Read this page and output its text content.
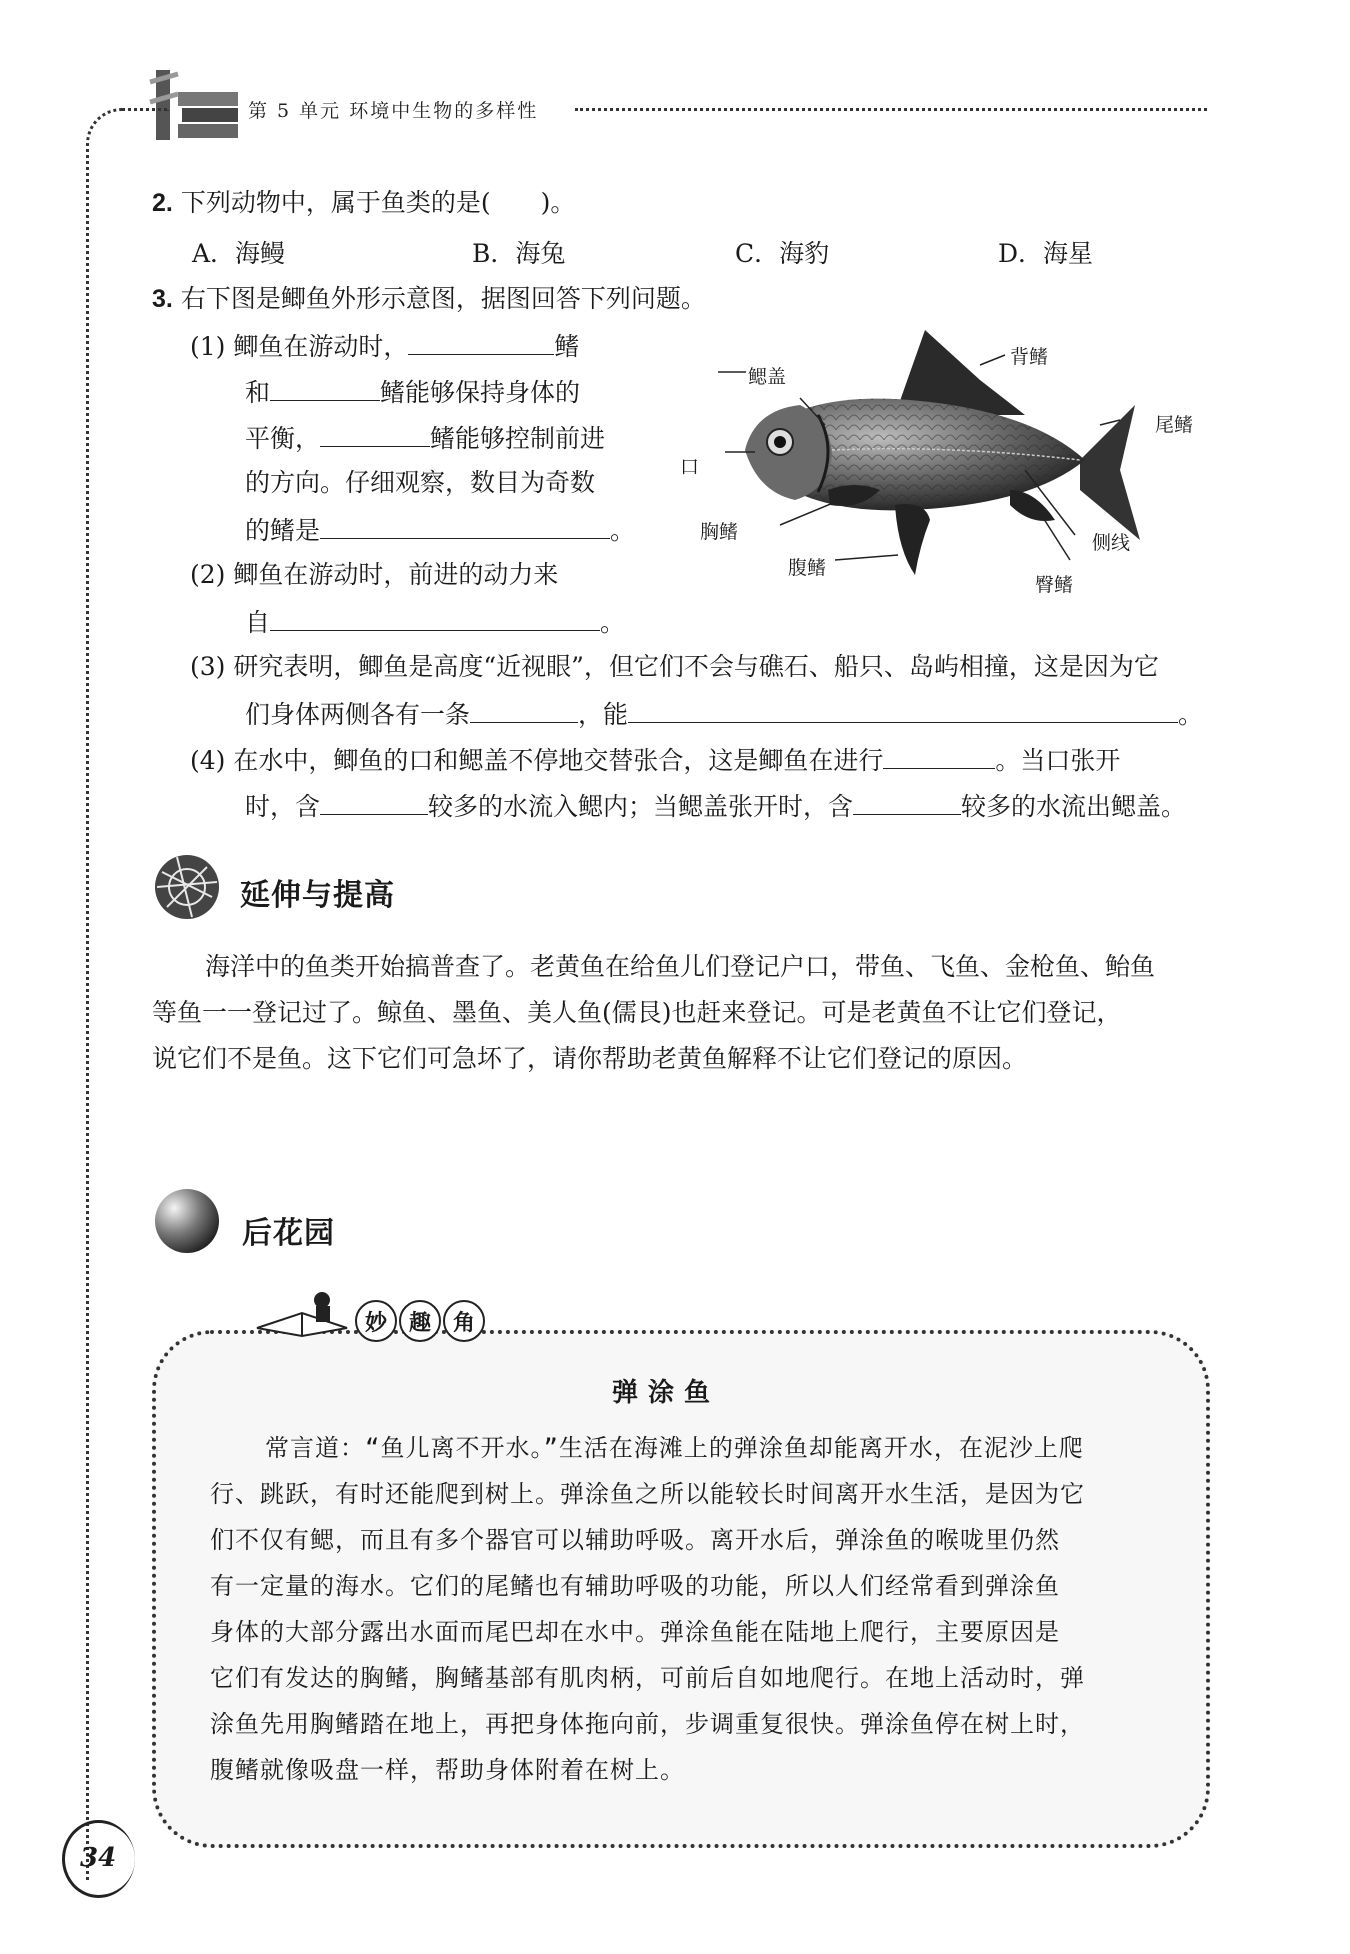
第 5 单元 环境中生物的多样性
2. 下列动物中，属于鱼类的是(　　)。
A．海鳗	B．海兔	C．海豹	D．海星
3. 右下图是鲫鱼外形示意图，据图回答下列问题。
(1) 鲫鱼在游动时，	鳍
和	鳍能够保持身体的
平衡，	鳍能够控制前进
的方向。仔细观察，数目为奇数
的鳍是	。
(2) 鲫鱼在游动时，前进的动力来
自	。
(3) 研究表明，鲫鱼是高度“近视眼”，但它们不会与礁石、船只、岛屿相撞，这是因为它
们身体两侧各有一条	，能	。
(4) 在水中，鲫鱼的口和鳃盖不停地交替张合，这是鲫鱼在进行	。当口张开
时，含	较多的水流入鳃内；当鳃盖张开时，含	较多的水流出鳃盖。
鳃盖
背鳍
尾鳍
口
胸鳍	侧线
腹鳍
臀鳍
延伸与提高
海洋中的鱼类开始搞普查了。老黄鱼在给鱼儿们登记户口，带鱼、飞鱼、金枪鱼、鲐鱼
等鱼一一登记过了。鲸鱼、墨鱼、美人鱼(儒艮)也赶来登记。可是老黄鱼不让它们登记，
说它们不是鱼。这下它们可急坏了，请你帮助老黄鱼解释不让它们登记的原因。
后花园
妙 趣 角
弹涂鱼
常言道：“鱼儿离不开水。”生活在海滩上的弹涂鱼却能离开水，在泥沙上爬
行、跳跃，有时还能爬到树上。弹涂鱼之所以能较长时间离开水生活，是因为它
们不仅有鳃，而且有多个器官可以辅助呼吸。离开水后，弹涂鱼的喉咙里仍然
有一定量的海水。它们的尾鳍也有辅助呼吸的功能，所以人们经常看到弹涂鱼
身体的大部分露出水面而尾巴却在水中。弹涂鱼能在陆地上爬行，主要原因是
它们有发达的胸鳍，胸鳍基部有肌肉柄，可前后自如地爬行。在地上活动时，弹
涂鱼先用胸鳍踏在地上，再把身体拖向前，步调重复很快。弹涂鱼停在树上时，
腹鳍就像吸盘一样，帮助身体附着在树上。
34
